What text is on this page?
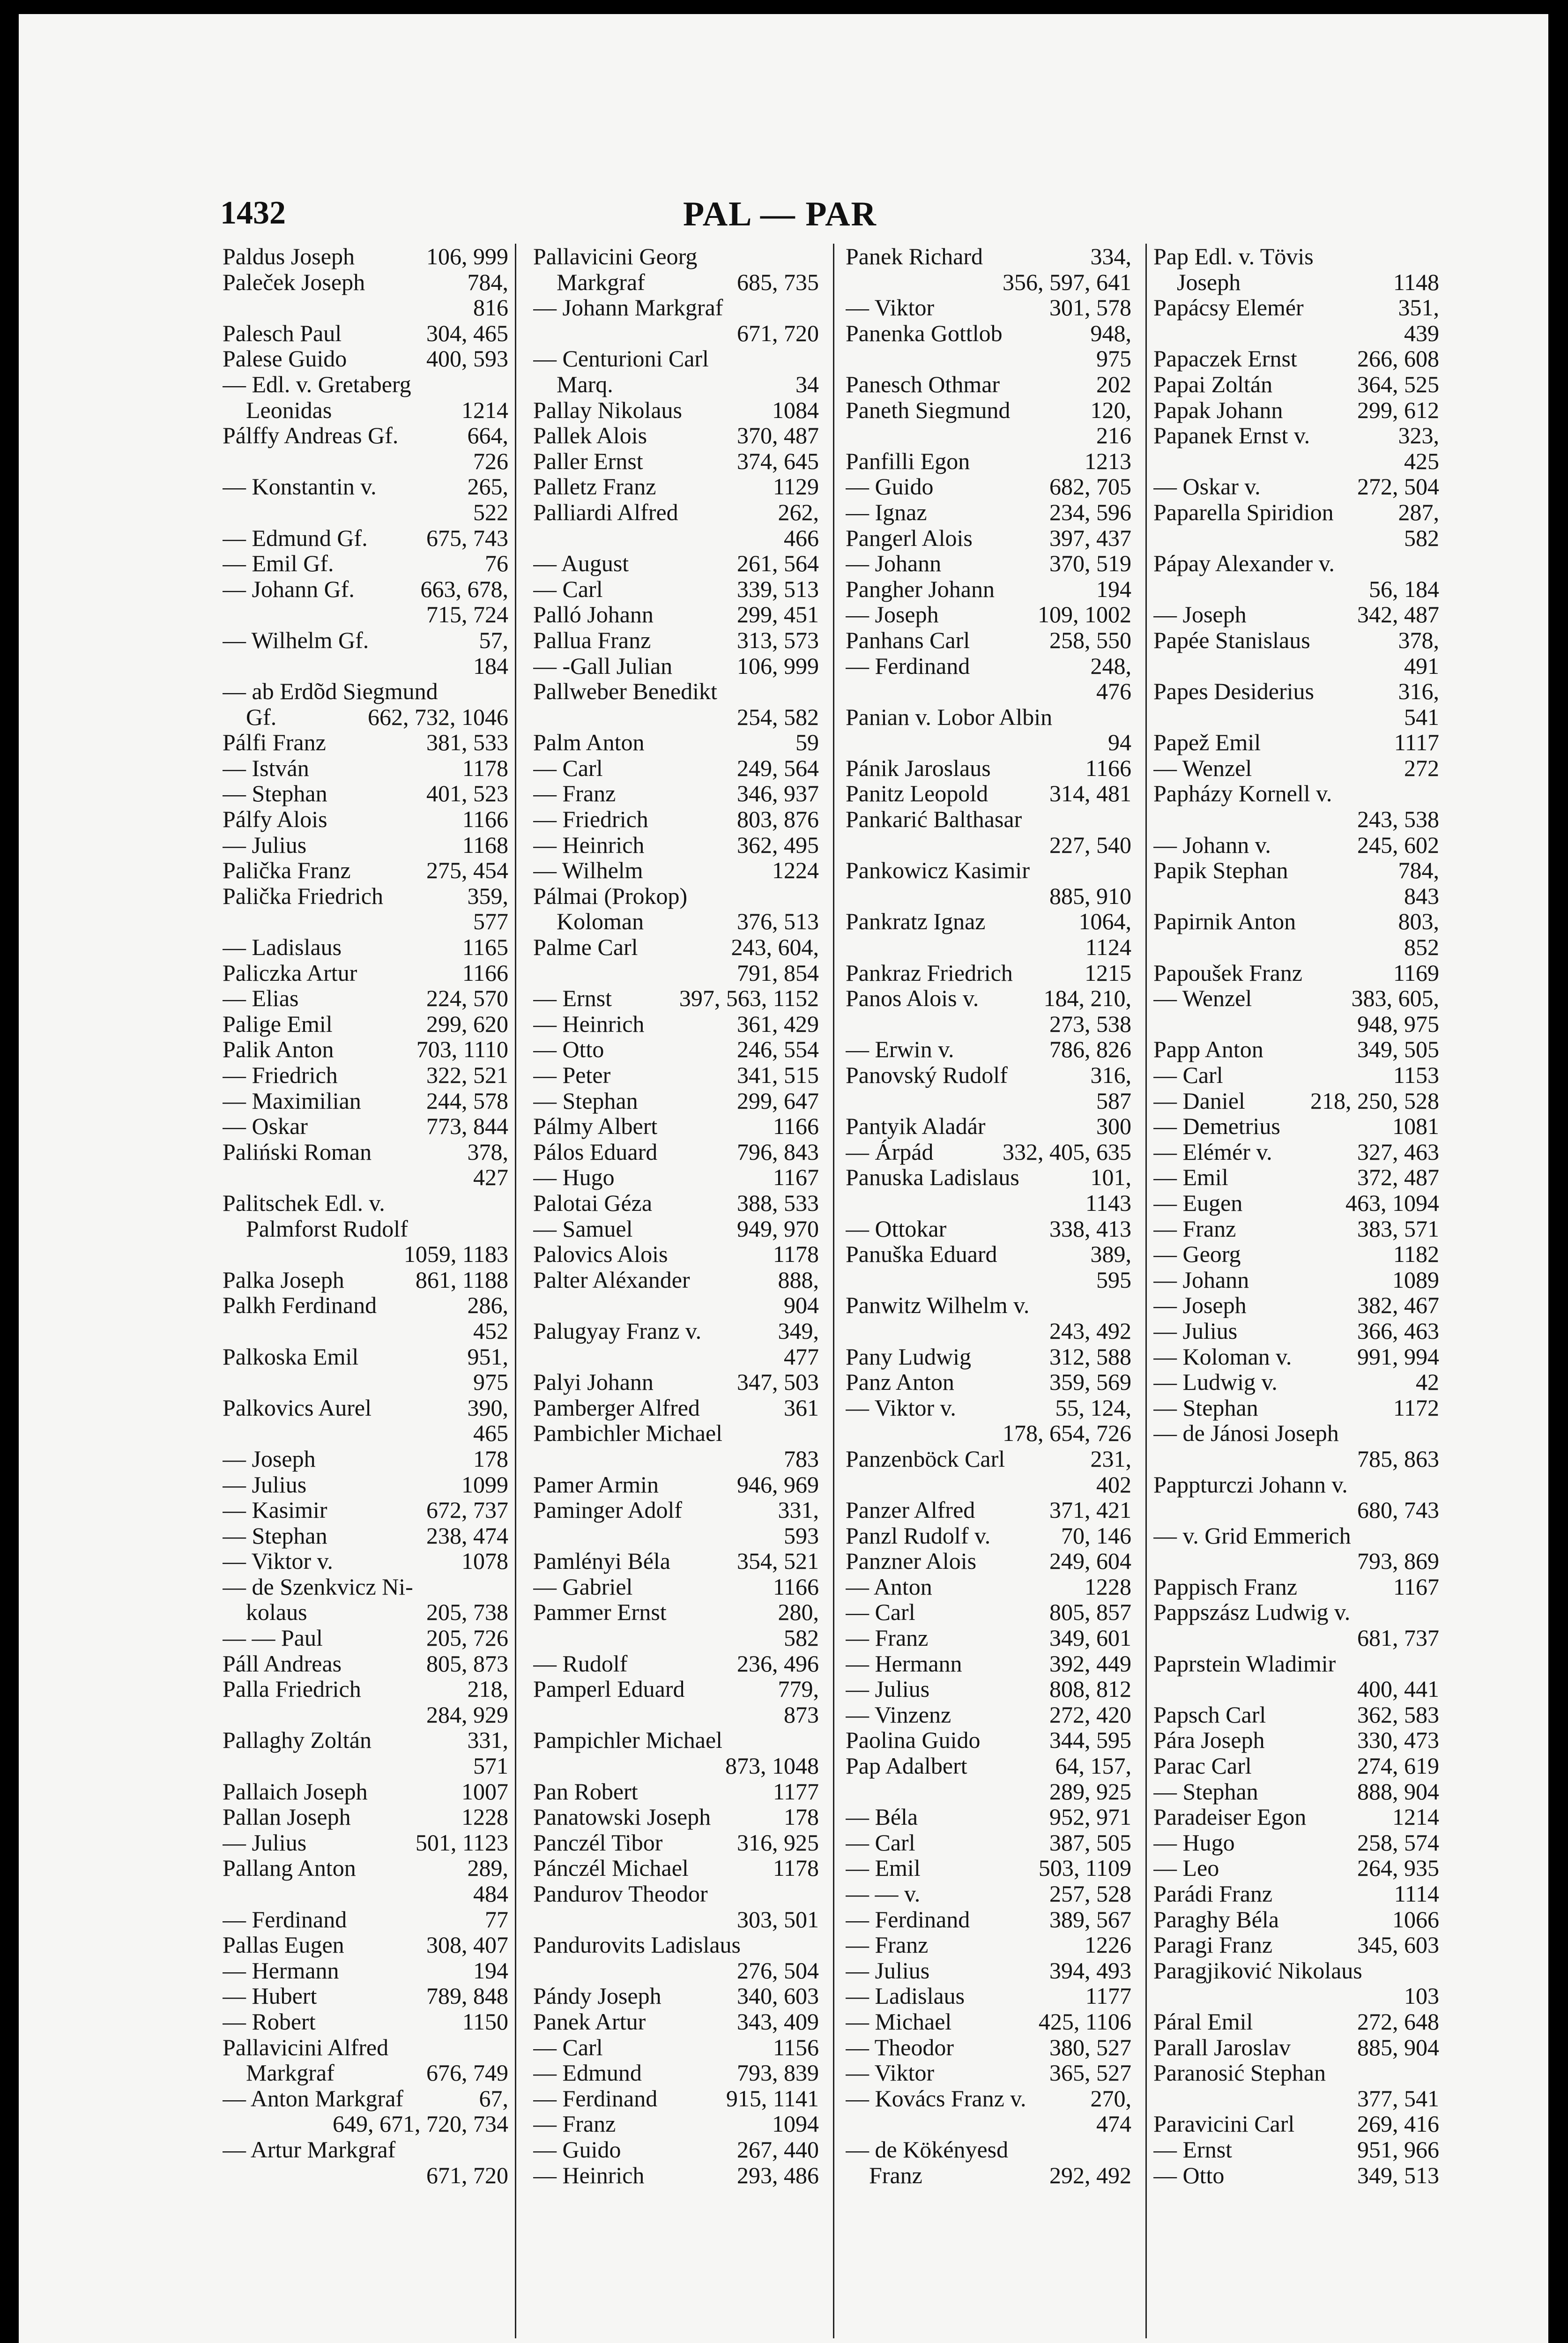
1432	PAL — PAR
Paldus Joseph	106, 999
Paleček Joseph	784,
816
Palesch Paul	304, 465
Palese Guido	400, 593
— Edl. v. Gretaberg
Leonidas	1214
Pálffy Andreas Gf.	664,
726
— Konstantin v.	265,
522
— Edmund Gf.	675, 743
— Emil Gf.	76
— Johann Gf.	663, 678,
715, 724
— Wilhelm Gf.	57,
184
— ab Erdõd Siegmund
Gf.	662, 732, 1046
Pálfi Franz	381, 533
— István	1178
— Stephan	401, 523
Pálfy Alois	1166
— Julius	1168
Palička Franz	275, 454
Palička Friedrich	359,
577
— Ladislaus	1165
Paliczka Artur	1166
— Elias	224, 570
Palige Emil	299, 620
Palik Anton	703, 1110
— Friedrich	322, 521
— Maximilian	244, 578
— Oskar	773, 844
Paliński Roman	378,
427
Palitschek Edl. v.
Palmforst Rudolf
1059, 1183
Palka Joseph	861, 1188
Palkh Ferdinand	286,
452
Palkoska Emil	951,
975
Palkovics Aurel	390,
465
— Joseph	178
— Julius	1099
— Kasimir	672, 737
— Stephan	238, 474
— Viktor v.	1078
— de Szenkvicz Ni-
kolaus	205, 738
— — Paul	205, 726
Páll Andreas	805, 873
Palla Friedrich	218,
284, 929
Pallaghy Zoltán	331,
571
Pallaich Joseph	1007
Pallan Joseph	1228
— Julius	501, 1123
Pallang Anton	289,
484
— Ferdinand	77
Pallas Eugen	308, 407
— Hermann	194
— Hubert	789, 848
— Robert	1150
Pallavicini Alfred
Markgraf	676, 749
— Anton Markgraf	67,
649, 671, 720, 734
— Artur Markgraf
671, 720
Pallavicini Georg
Markgraf	685, 735
— Johann Markgraf
671, 720
— Centurioni Carl
Marq.	34
Pallay Nikolaus	1084
Pallek Alois	370, 487
Paller Ernst	374, 645
Palletz Franz	1129
Palliardi Alfred	262,
466
— August	261, 564
— Carl	339, 513
Palló Johann	299, 451
Pallua Franz	313, 573
— -Gall Julian	106, 999
Pallweber Benedikt
254, 582
Palm Anton	59
— Carl	249, 564
— Franz	346, 937
— Friedrich	803, 876
— Heinrich	362, 495
— Wilhelm	1224
Pálmai (Prokop)
Koloman	376, 513
Palme Carl	243, 604,
791, 854
— Ernst	397, 563, 1152
— Heinrich	361, 429
— Otto	246, 554
— Peter	341, 515
— Stephan	299, 647
Pálmy Albert	1166
Pálos Eduard	796, 843
— Hugo	1167
Palotai Géza	388, 533
— Samuel	949, 970
Palovics Alois	1178
Palter Aléxander	888,
904
Palugyay Franz v.	349,
477
Palyi Johann	347, 503
Pamberger Alfred	361
Pambichler Michael
783
Pamer Armin	946, 969
Paminger Adolf	331,
593
Pamlényi Béla	354, 521
— Gabriel	1166
Pammer Ernst	280,
582
— Rudolf	236, 496
Pamperl Eduard	779,
873
Pampichler Michael
873, 1048
Pan Robert	1177
Panatowski Joseph	178
Panczél Tibor	316, 925
Pánczél Michael	1178
Pandurov Theodor
303, 501
Pandurovits Ladislaus
276, 504
Pándy Joseph	340, 603
Panek Artur	343, 409
— Carl	1156
— Edmund	793, 839
— Ferdinand	915, 1141
— Franz	1094
— Guido	267, 440
— Heinrich	293, 486
Panek Richard	334,
356, 597, 641
— Viktor	301, 578
Panenka Gottlob	948,
975
Panesch Othmar	202
Paneth Siegmund	120,
216
Panfilli Egon	1213
— Guido	682, 705
— Ignaz	234, 596
Pangerl Alois	397, 437
— Johann	370, 519
Pangher Johann	194
— Joseph	109, 1002
Panhans Carl	258, 550
— Ferdinand	248,
476
Panian v. Lobor Albin
94
Pánik Jaroslaus	1166
Panitz Leopold	314, 481
Pankarić Balthasar
227, 540
Pankowicz Kasimir
885, 910
Pankratz Ignaz	1064,
1124
Pankraz Friedrich	1215
Panos Alois v.	184, 210,
273, 538
— Erwin v.	786, 826
Panovský Rudolf	316,
587
Pantyik Aladár	300
— Árpád	332, 405, 635
Panuska Ladislaus	101,
1143
— Ottokar	338, 413
Panuška Eduard	389,
595
Panwitz Wilhelm v.
243, 492
Pany Ludwig	312, 588
Panz Anton	359, 569
— Viktor v.	55, 124,
178, 654, 726
Panzenböck Carl	231,
402
Panzer Alfred	371, 421
Panzl Rudolf v.	70, 146
Panzner Alois	249, 604
— Anton	1228
— Carl	805, 857
— Franz	349, 601
— Hermann	392, 449
— Julius	808, 812
— Vinzenz	272, 420
Paolina Guido	344, 595
Pap Adalbert	64, 157,
289, 925
— Béla	952, 971
— Carl	387, 505
— Emil	503, 1109
— — v.	257, 528
— Ferdinand	389, 567
— Franz	1226
— Julius	394, 493
— Ladislaus	1177
— Michael	425, 1106
— Theodor	380, 527
— Viktor	365, 527
— Kovács Franz v.	270,
474
— de Kökényesd
Franz	292, 492
Pap Edl. v. Tövis
Joseph	1148
Papácsy Elemér	351,
439
Papaczek Ernst	266, 608
Papai Zoltán	364, 525
Papak Johann	299, 612
Papanek Ernst v.	323,
425
— Oskar v.	272, 504
Paparella Spiridion	287,
582
Pápay Alexander v.
56, 184
— Joseph	342, 487
Papée Stanislaus	378,
491
Papes Desiderius	316,
541
Papež Emil	1117
— Wenzel	272
Papházy Kornell v.
243, 538
— Johann v.	245, 602
Papik Stephan	784,
843
Papirnik Anton	803,
852
Papoušek Franz	1169
— Wenzel	383, 605,
948, 975
Papp Anton	349, 505
— Carl	1153
— Daniel	218, 250, 528
— Demetrius	1081
— Elémér v.	327, 463
— Emil	372, 487
— Eugen	463, 1094
— Franz	383, 571
— Georg	1182
— Johann	1089
— Joseph	382, 467
— Julius	366, 463
— Koloman v.	991, 994
— Ludwig v.	42
— Stephan	1172
— de Jánosi Joseph
785, 863
Pappturczi Johann v.
680, 743
— v. Grid Emmerich
793, 869
Pappisch Franz	1167
Pappszász Ludwig v.
681, 737
Paprstein Wladimir
400, 441
Papsch Carl	362, 583
Pára Joseph	330, 473
Parac Carl	274, 619
— Stephan	888, 904
Paradeiser Egon	1214
— Hugo	258, 574
— Leo	264, 935
Parádi Franz	1114
Paraghy Béla	1066
Paragi Franz	345, 603
Paragjiković Nikolaus
103
Páral Emil	272, 648
Parall Jaroslav	885, 904
Paranosić Stephan
377, 541
Paravicini Carl	269, 416
— Ernst	951, 966
— Otto	349, 513
